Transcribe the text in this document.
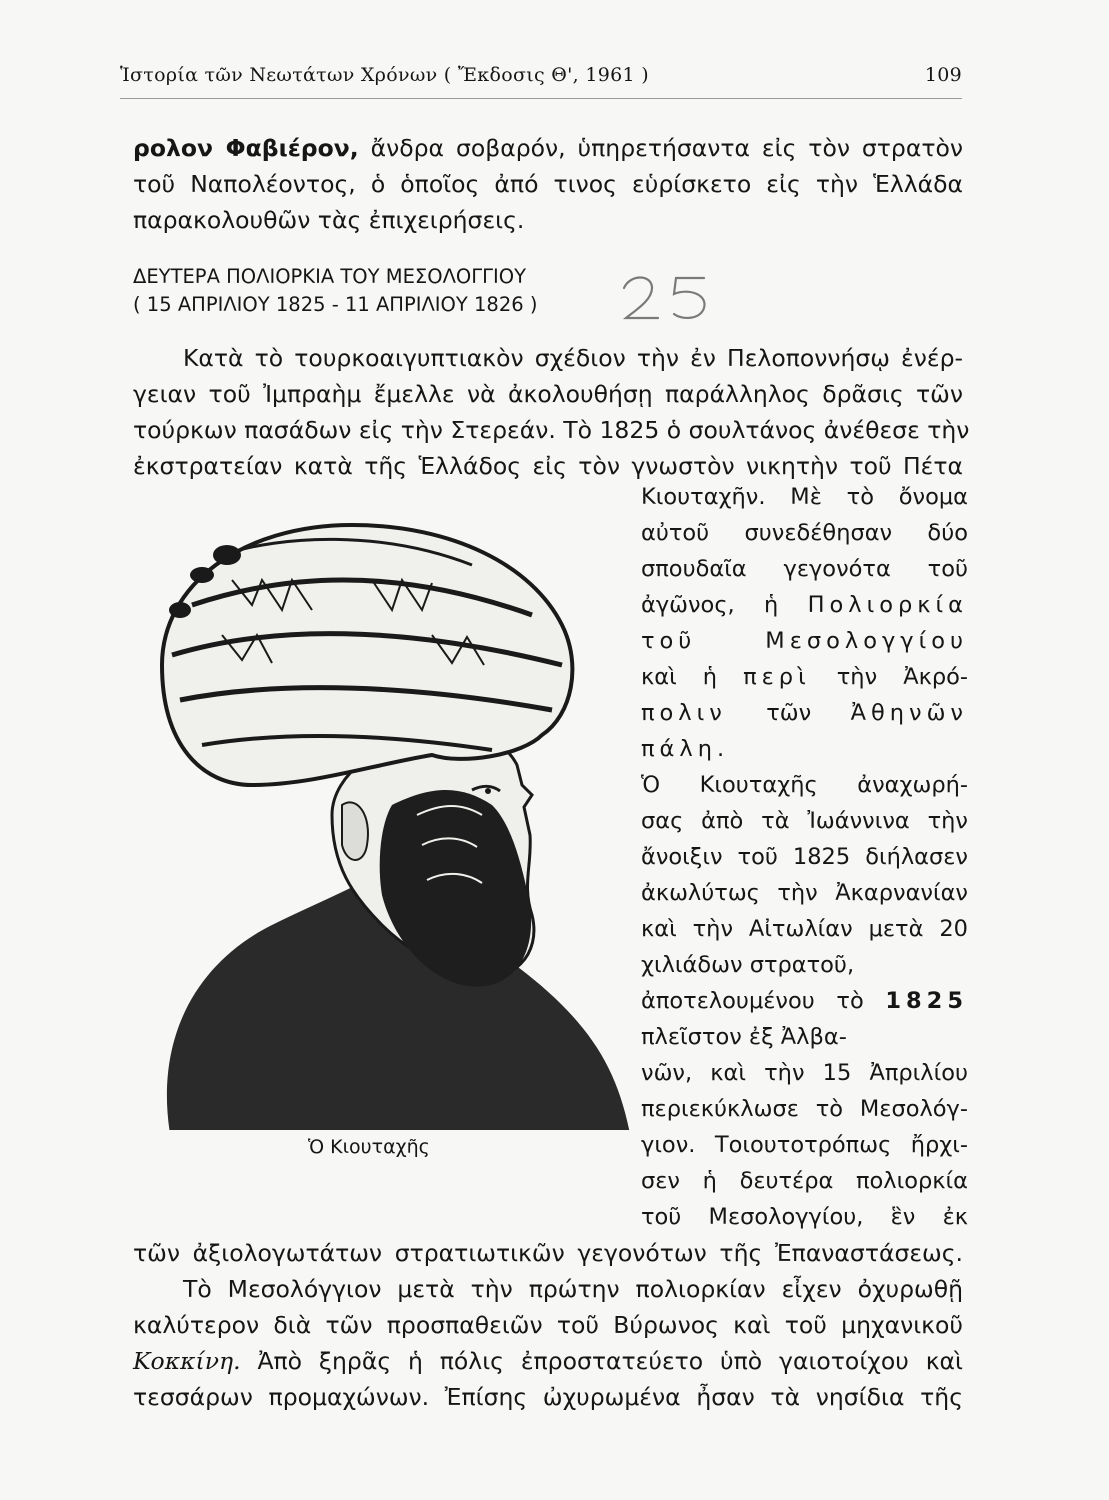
Ἱστορία τῶν Νεωτάτων Χρόνων ( Ἔκδοσις Θ', 1961 )	109
ρολον Φαβιέρον, ἄνδρα σοβαρόν, ὑπηρετήσαντα εἰς τὸν στρατὸν
τοῦ Ναπολέοντος, ὁ ὁποῖος ἀπό τινος εὑρίσκετο εἰς τὴν Ἑλλάδα
παρακολουθῶν τὰς ἐπιχειρήσεις.
ΔΕΥΤΕΡΑ ΠΟΛΙΟΡΚΙΑ ΤΟΥ ΜΕΣΟΛΟΓΓΙΟΥ
( 15 ΑΠΡΙΛΙΟΥ 1825 - 11 ΑΠΡΙΛΙΟΥ 1826 )
Κατὰ τὸ τουρκοαιγυπτιακὸν σχέδιον τὴν ἐν Πελοποννήσῳ ἐνέρ-
γειαν τοῦ Ἰμπραὴμ ἔμελλε νὰ ἀκολουθήσῃ παράλληλος δρᾶσις τῶν
τούρκων πασάδων εἰς τὴν Στερεάν. Τὸ 1825 ὁ σουλτάνος ἀνέθεσε τὴν
ἐκστρατείαν κατὰ τῆς Ἑλλάδος εἰς τὸν γνωστὸν νικητὴν τοῦ Πέτα
Ὁ Κιουταχῆς
Κιουταχῆν. Μὲ τὸ ὄνομα
αὐτοῦ συνεδέθησαν δύο
σπουδαῖα γεγονότα τοῦ
ἀγῶνος, ἡ Πολιορκία
τοῦ	Μεσολογγίου
καὶ ἡ περὶ τὴν Ἀκρό-
πολιν τῶν Ἀθηνῶν
πάλη.
Ὁ Κιουταχῆς ἀναχωρή-
σας ἀπὸ τὰ Ἰωάννινα τὴν
ἄνοιξιν τοῦ 1825 διήλασεν
ἀκωλύτως τὴν Ἀκαρνανίαν
καὶ τὴν Αἰτωλίαν μετὰ 20
χιλιάδων στρατοῦ,
ἀποτελουμένου τὸ 1825
πλεῖστον ἐξ Ἀλβα-
νῶν, καὶ τὴν 15 Ἀπριλίου
περιεκύκλωσε τὸ Μεσολόγ-
γιον. Τοιουτοτρόπως ἤρχι-
σεν ἡ δευτέρα πολιορκία
τοῦ Μεσολογγίου, ἓν ἐκ
τῶν ἀξιολογωτάτων στρατιωτικῶν γεγονότων τῆς Ἐπαναστάσεως.
Τὸ Μεσολόγγιον μετὰ τὴν πρώτην πολιορκίαν εἶχεν ὀχυρωθῇ
καλύτερον διὰ τῶν προσπαθειῶν τοῦ Βύρωνος καὶ τοῦ μηχανικοῦ
Κοκκίνη. Ἀπὸ ξηρᾶς ἡ πόλις ἐπροστατεύετο ὑπὸ γαιοτοίχου καὶ
τεσσάρων προμαχώνων. Ἐπίσης ὠχυρωμένα ἦσαν τὰ νησίδια τῆς
